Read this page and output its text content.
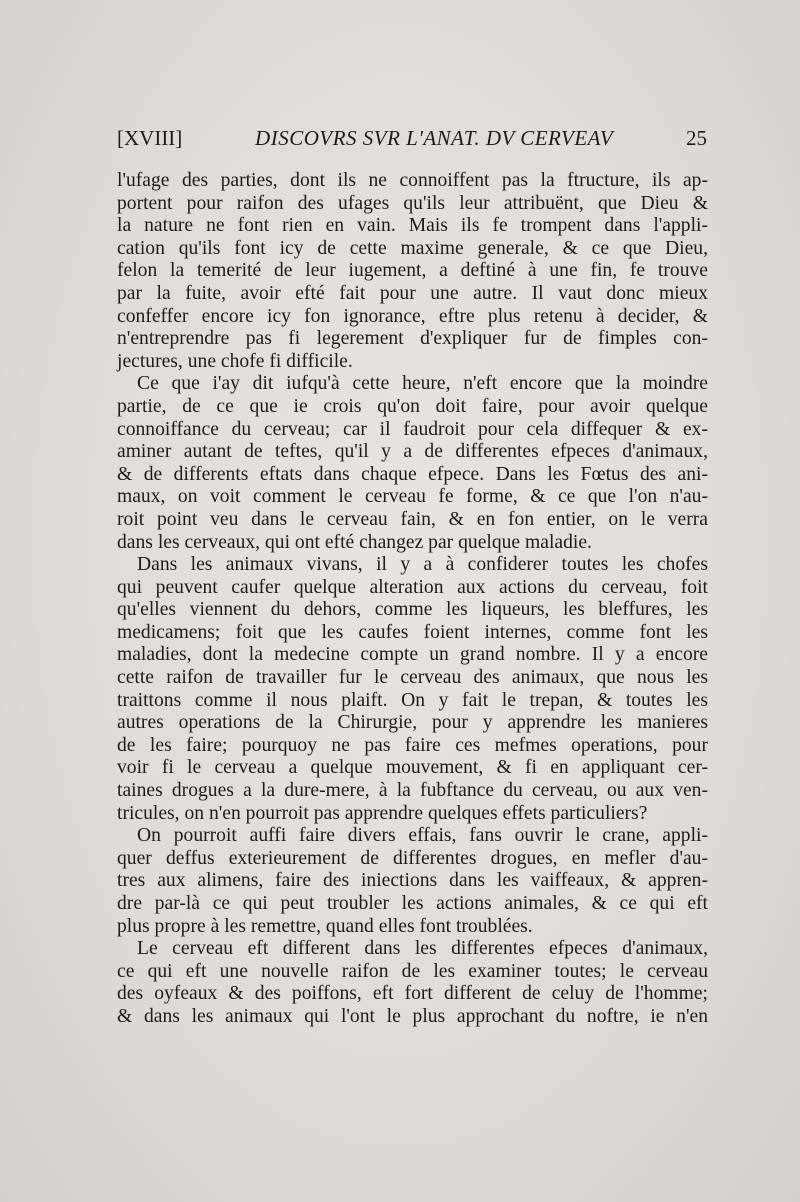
[XVIII]	DISCOVRS SVR L'ANAT. DV CERVEAV	25

l'ufage des parties, dont ils ne connoiffent pas la ftructure, ils ap-
portent pour raifon des ufages qu'ils leur attribuënt, que Dieu &
la nature ne font rien en vain. Mais ils fe trompent dans l'appli-
cation qu'ils font icy de cette maxime generale, & ce que Dieu,
felon la temerité de leur iugement, a deftiné à une fin, fe trouve
par la fuite, avoir efté fait pour une autre. Il vaut donc mieux
confeffer encore icy fon ignorance, eftre plus retenu à decider, &
n'entreprendre pas fi legerement d'expliquer fur de fimples con-
jectures, une chofe fi difficile.

Ce que i'ay dit iufqu'à cette heure, n'eft encore que la moindre
partie, de ce que ie crois qu'on doit faire, pour avoir quelque
connoiffance du cerveau; car il faudroit pour cela diffequer & ex-
aminer autant de teftes, qu'il y a de differentes efpeces d'animaux,
& de differents eftats dans chaque efpece. Dans les Fœtus des ani-
maux, on voit comment le cerveau fe forme, & ce que l'on n'au-
roit point veu dans le cerveau fain, & en fon entier, on le verra
dans les cerveaux, qui ont efté changez par quelque maladie.

Dans les animaux vivans, il y a à confiderer toutes les chofes
qui peuvent caufer quelque alteration aux actions du cerveau, foit
qu'elles viennent du dehors, comme les liqueurs, les bleffures, les
medicamens; foit que les caufes foient internes, comme font les
maladies, dont la medecine compte un grand nombre. Il y a encore
cette raifon de travailler fur le cerveau des animaux, que nous les
traittons comme il nous plaift. On y fait le trepan, & toutes les
autres operations de la Chirurgie, pour y apprendre les manieres
de les faire; pourquoy ne pas faire ces mefmes operations, pour
voir fi le cerveau a quelque mouvement, & fi en appliquant cer-
taines drogues a la dure-mere, à la fubftance du cerveau, ou aux ven-
tricules, on n'en pourroit pas apprendre quelques effets particuliers?

On pourroit auffi faire divers effais, fans ouvrir le crane, appli-
quer deffus exterieurement de differentes drogues, en mefler d'au-
tres aux alimens, faire des iniections dans les vaiffeaux, & appren-
dre par-là ce qui peut troubler les actions animales, & ce qui eft
plus propre à les remettre, quand elles font troublées.

Le cerveau eft different dans les differentes efpeces d'animaux,
ce qui eft une nouvelle raifon de les examiner toutes; le cerveau
des oyfeaux & des poiffons, eft fort different de celuy de l'homme;
& dans les animaux qui l'ont le plus approchant du noftre, ie n'en
